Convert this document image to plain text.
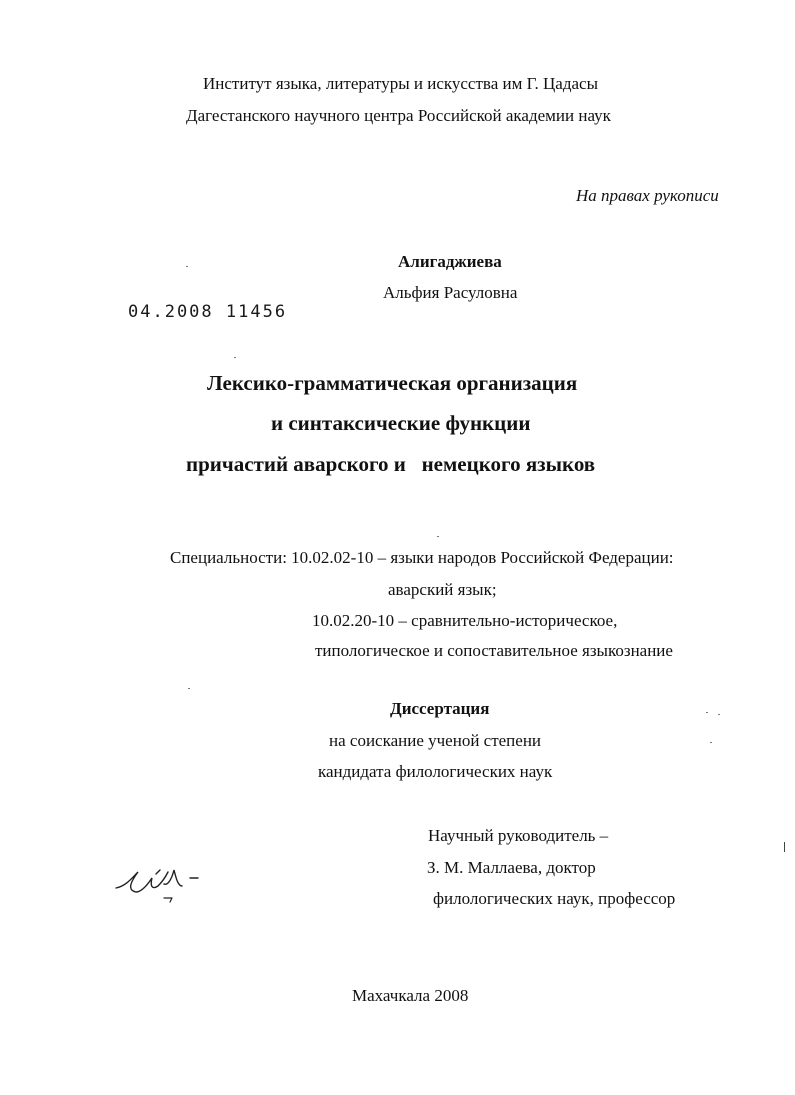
Институт языка, литературы и искусства им Г. Цадасы
Дагестанского научного центра Российской академии наук
На правах рукописи
Алигаджиева
Альфия Расуловна
04.2008 11456
Лексико-грамматическая организация
и синтаксические функции
причастий аварского и   немецкого языков
Специальности: 10.02.02-10 – языки народов Российской Федерации:
аварский язык;
10.02.20-10 – сравнительно-историческое,
типологическое и сопоставительное языкознание
Диссертация
на соискание ученой степени
кандидата филологических наук
Научный руководитель –
З. М. Маллаева, доктор
филологических наук, профессор
Махачкала 2008
